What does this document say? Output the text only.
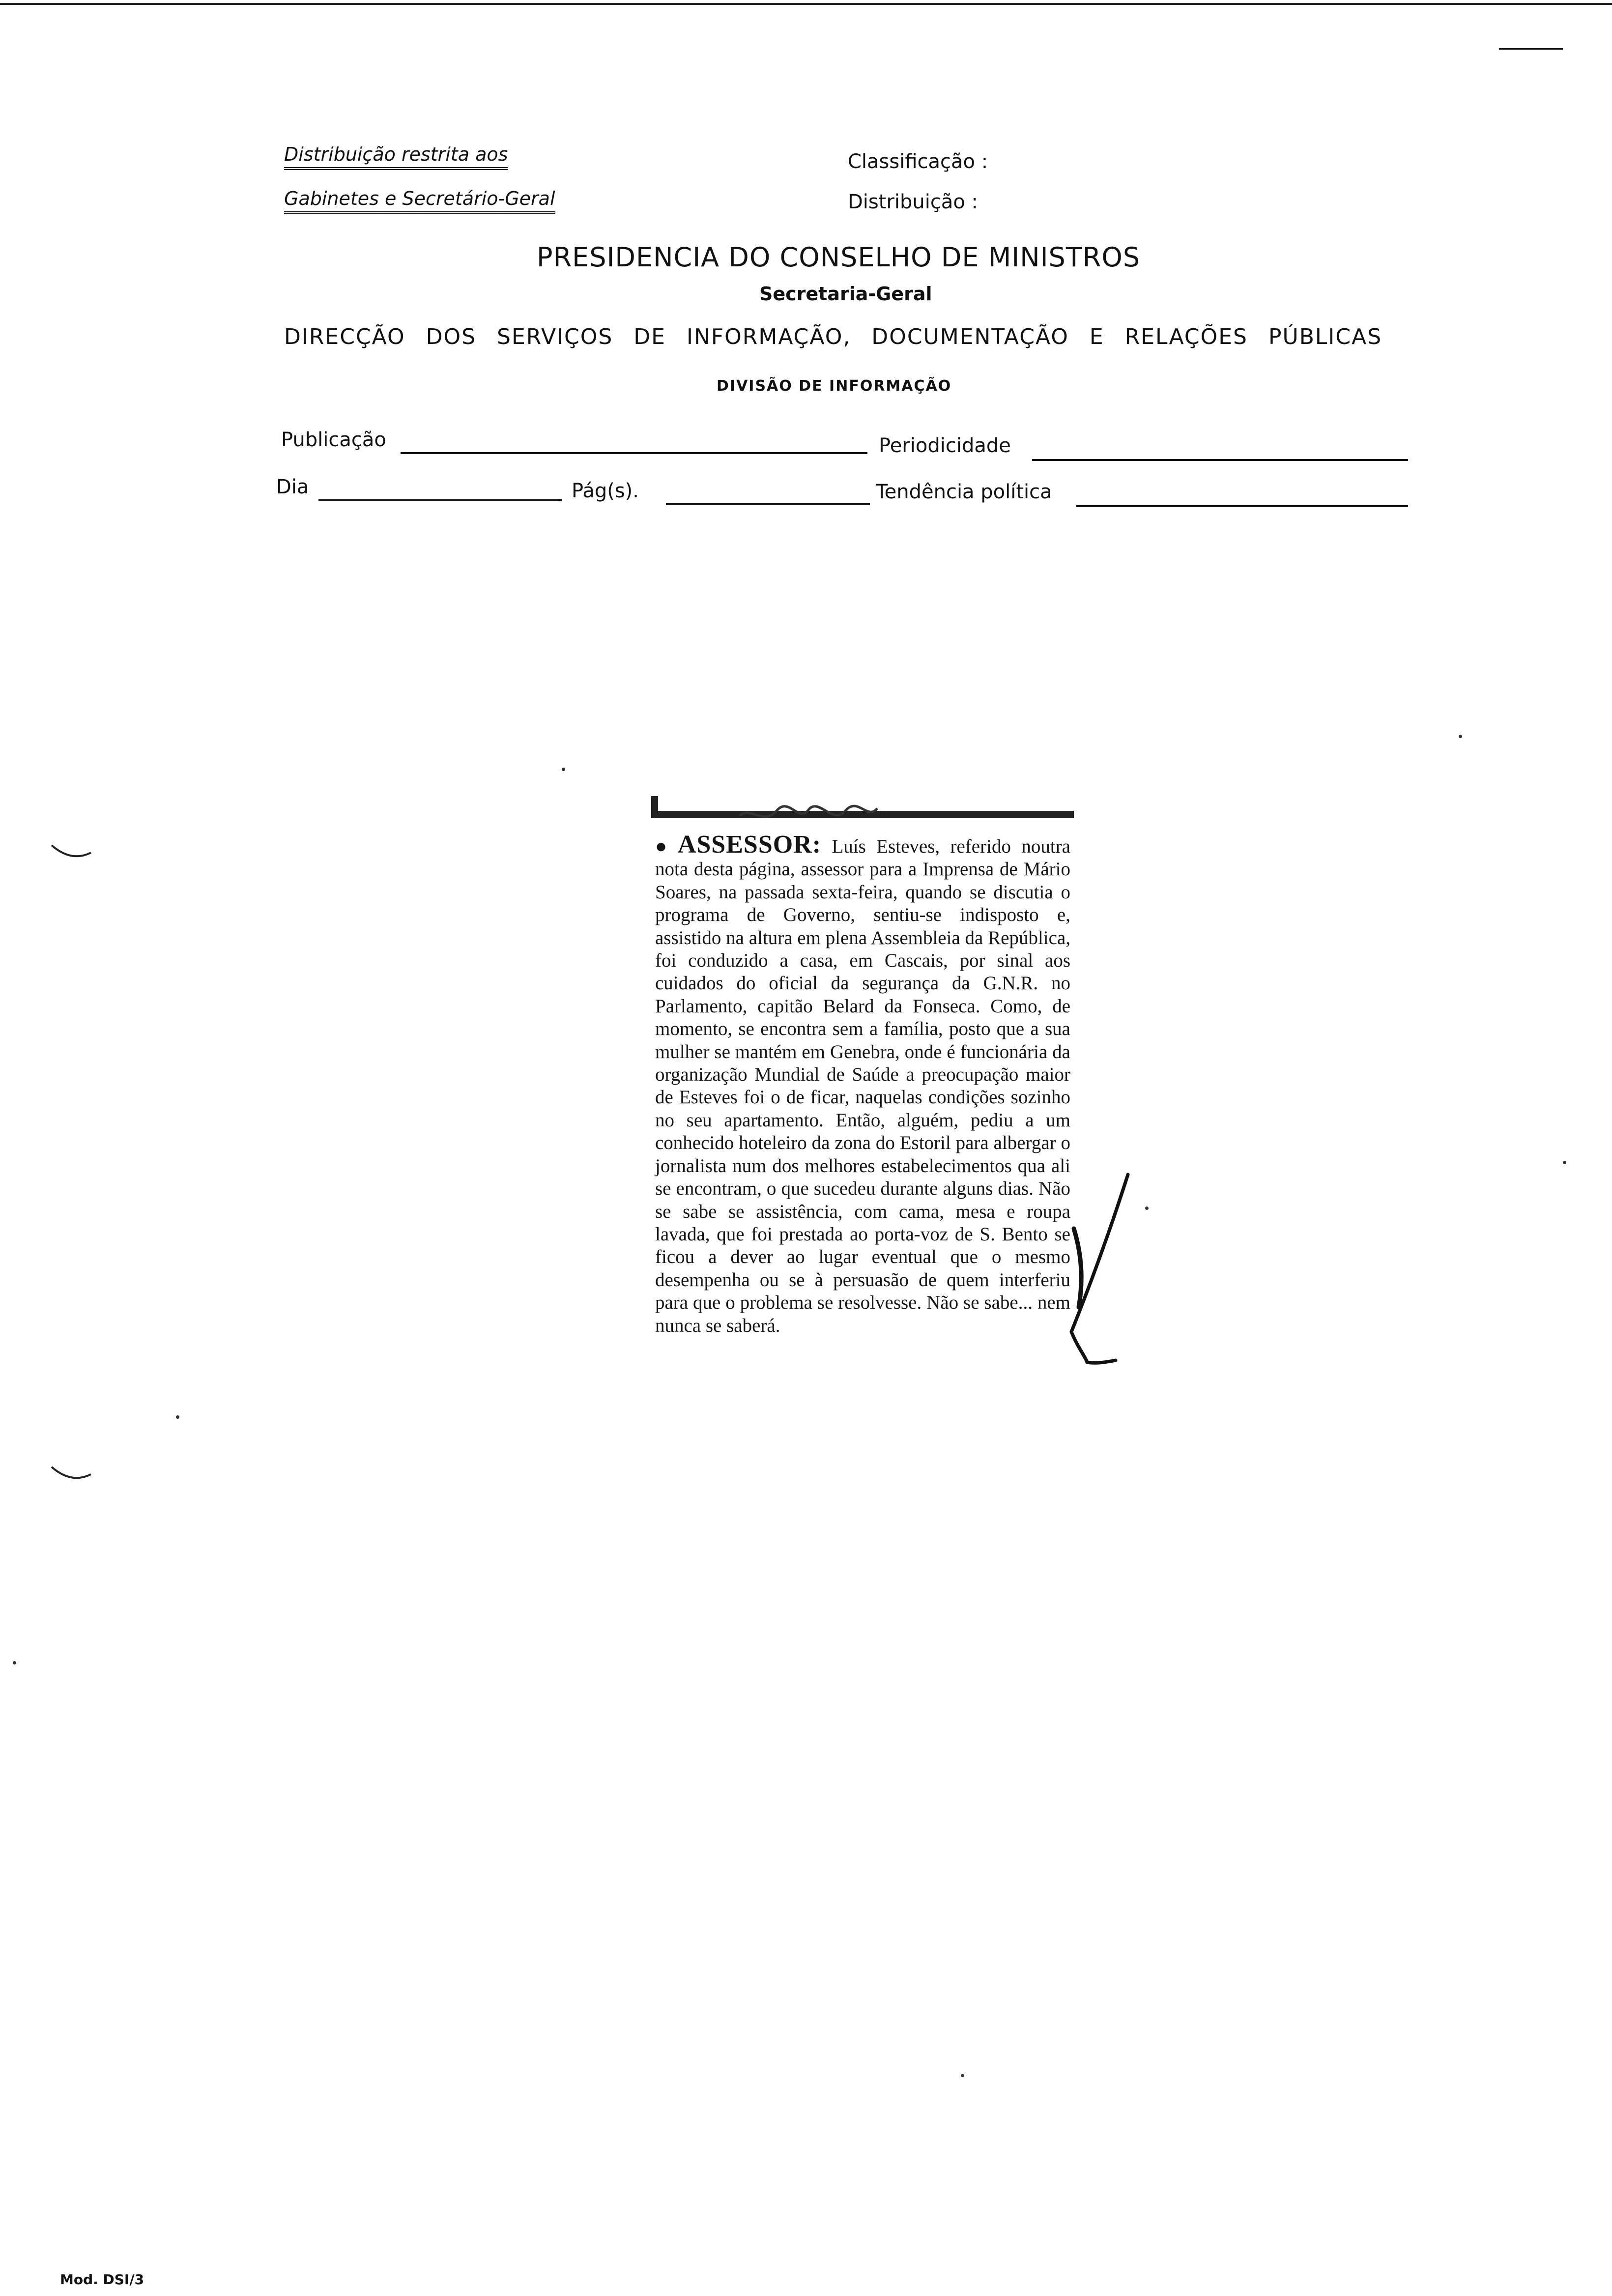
Distribuição restrita aos
Gabinetes e Secretário-Geral
Classificação :
Distribuição :
PRESIDENCIA DO CONSELHO DE MINISTROS
Secretaria-Geral
DIRECÇÃO DOS SERVIÇOS DE INFORMAÇÃO, DOCUMENTAÇÃO E RELAÇÕES PÚBLICAS
DIVISÃO DE INFORMAÇÃO
Publicação	Periodicidade
Dia	Pág(s).	Tendência política

● ASSESSOR: Luís Esteves, referido noutra nota desta página, assessor para a Imprensa de Mário Soares, na passada sexta-feira, quando se discutia o programa de Governo, sentiu-se indisposto e, assistido na altura em plena Assembleia da República, foi conduzido a casa, em Cascais, por sinal aos cuidados do oficial da segurança da G.N.R. no Parlamento, capitão Belard da Fonseca. Como, de momento, se encontra sem a família, posto que a sua mulher se mantém em Genebra, onde é funcionária da organização Mundial de Saúde a preocupação maior de Esteves foi o de ficar, naquelas condições sozinho no seu apartamento. Então, alguém, pediu a um conhecido hoteleiro da zona do Estoril para albergar o jornalista num dos melhores estabelecimentos qua ali se encontram, o que sucedeu durante alguns dias. Não se sabe se assistência, com cama, mesa e roupa lavada, que foi prestada ao porta-voz de S. Bento se ficou a dever ao lugar eventual que o mesmo desempenha ou se à persuasão de quem interferiu para que o problema se resolvesse. Não se sabe... nem nunca se saberá.

Mod. DSI/3
